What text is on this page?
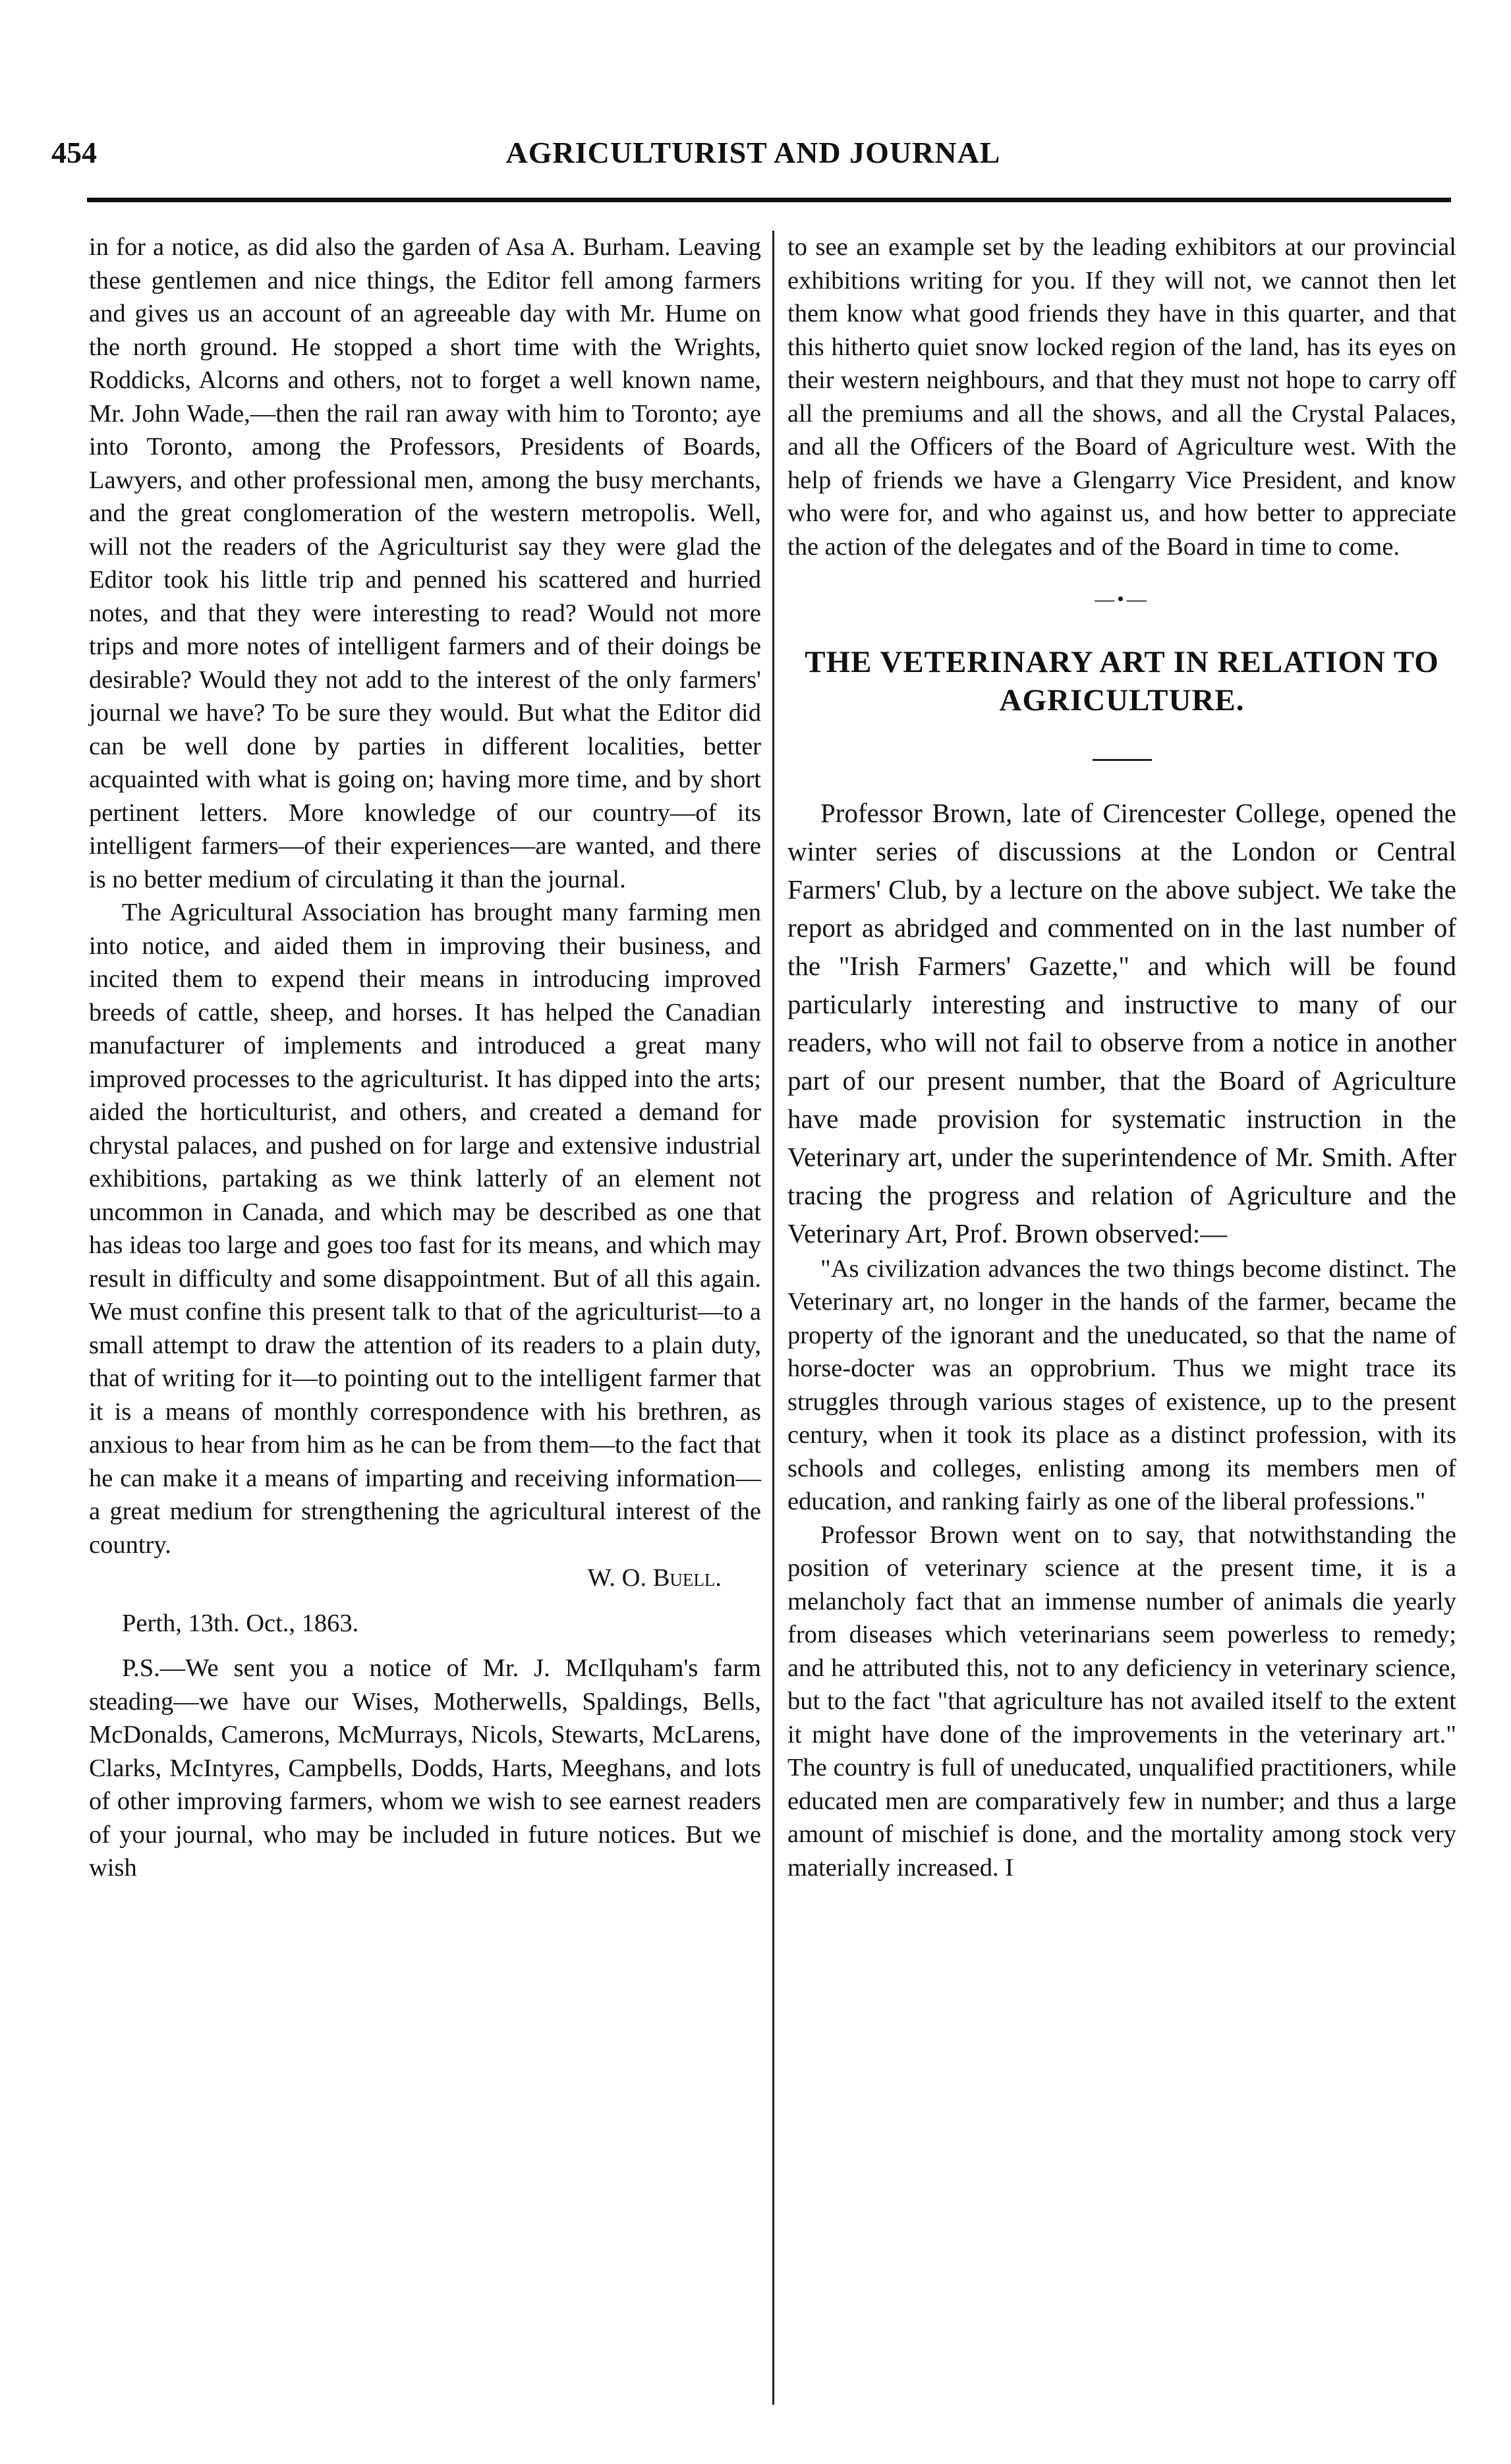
454	AGRICULTURIST AND JOURNAL

in for a notice, as did also the garden of Asa A. Burham. Leaving these gentlemen and nice things, the Editor fell among farmers and gives us an account of an agreeable day with Mr. Hume on the north ground. He stopped a short time with the Wrights, Roddicks, Alcorns and others, not to forget a well known name, Mr. John Wade,—then the rail ran away with him to Toronto; aye into Toronto, among the Professors, Presidents of Boards, Lawyers, and other professional men, among the busy merchants, and the great conglomeration of the western metropolis. Well, will not the readers of the Agriculturist say they were glad the Editor took his little trip and penned his scattered and hurried notes, and that they were interesting to read? Would not more trips and more notes of intelligent farmers and of their doings be desirable? Would they not add to the interest of the only farmers' journal we have? To be sure they would. But what the Editor did can be well done by parties in different localities, better acquainted with what is going on; having more time, and by short pertinent letters. More knowledge of our country—of its intelligent farmers—of their experiences—are wanted, and there is no better medium of circulating it than the journal.

The Agricultural Association has brought many farming men into notice, and aided them in improving their business, and incited them to expend their means in introducing improved breeds of cattle, sheep, and horses. It has helped the Canadian manufacturer of implements and introduced a great many improved processes to the agriculturist. It has dipped into the arts; aided the horticulturist, and others, and created a demand for chrystal palaces, and pushed on for large and extensive industrial exhibitions, partaking as we think latterly of an element not uncommon in Canada, and which may be described as one that has ideas too large and goes too fast for its means, and which may result in difficulty and some disappointment. But of all this again. We must confine this present talk to that of the agriculturist—to a small attempt to draw the attention of its readers to a plain duty, that of writing for it—to pointing out to the intelligent farmer that it is a means of monthly correspondence with his brethren, as anxious to hear from him as he can be from them—to the fact that he can make it a means of imparting and receiving information—a great medium for strengthening the agricultural interest of the country.

W. O. Buell.

Perth, 13th. Oct., 1863.

P.S.—We sent you a notice of Mr. J. McIlquham's farm steading—we have our Wises, Motherwells, Spaldings, Bells, McDonalds, Camerons, McMurrays, Nicols, Stewarts, McLarens, Clarks, McIntyres, Campbells, Dodds, Harts, Meeghans, and lots of other improving farmers, whom we wish to see earnest readers of your journal, who may be included in future notices. But we wish

to see an example set by the leading exhibitors at our provincial exhibitions writing for you. If they will not, we cannot then let them know what good friends they have in this quarter, and that this hitherto quiet snow locked region of the land, has its eyes on their western neighbours, and that they must not hope to carry off all the premiums and all the shows, and all the Crystal Palaces, and all the Officers of the Board of Agriculture west. With the help of friends we have a Glengarry Vice President, and know who were for, and who against us, and how better to appreciate the action of the delegates and of the Board in time to come.

—•—
THE VETERINARY ART IN RELATION TO AGRICULTURE.

Professor Brown, late of Cirencester College, opened the winter series of discussions at the London or Central Farmers' Club, by a lecture on the above subject. We take the report as abridged and commented on in the last number of the "Irish Farmers' Gazette," and which will be found particularly interesting and instructive to many of our readers, who will not fail to observe from a notice in another part of our present number, that the Board of Agriculture have made provision for systematic instruction in the Veterinary art, under the superintendence of Mr. Smith. After tracing the progress and relation of Agriculture and the Veterinary Art, Prof. Brown observed:—

"As civilization advances the two things become distinct. The Veterinary art, no longer in the hands of the farmer, became the property of the ignorant and the uneducated, so that the name of horse-docter was an opprobrium. Thus we might trace its struggles through various stages of existence, up to the present century, when it took its place as a distinct profession, with its schools and colleges, enlisting among its members men of education, and ranking fairly as one of the liberal professions."

Professor Brown went on to say, that notwithstanding the position of veterinary science at the present time, it is a melancholy fact that an immense number of animals die yearly from diseases which veterinarians seem powerless to remedy; and he attributed this, not to any deficiency in veterinary science, but to the fact "that agriculture has not availed itself to the extent it might have done of the improvements in the veterinary art." The country is full of uneducated, unqualified practitioners, while educated men are comparatively few in number; and thus a large amount of mischief is done, and the mortality among stock very materially increased. I
